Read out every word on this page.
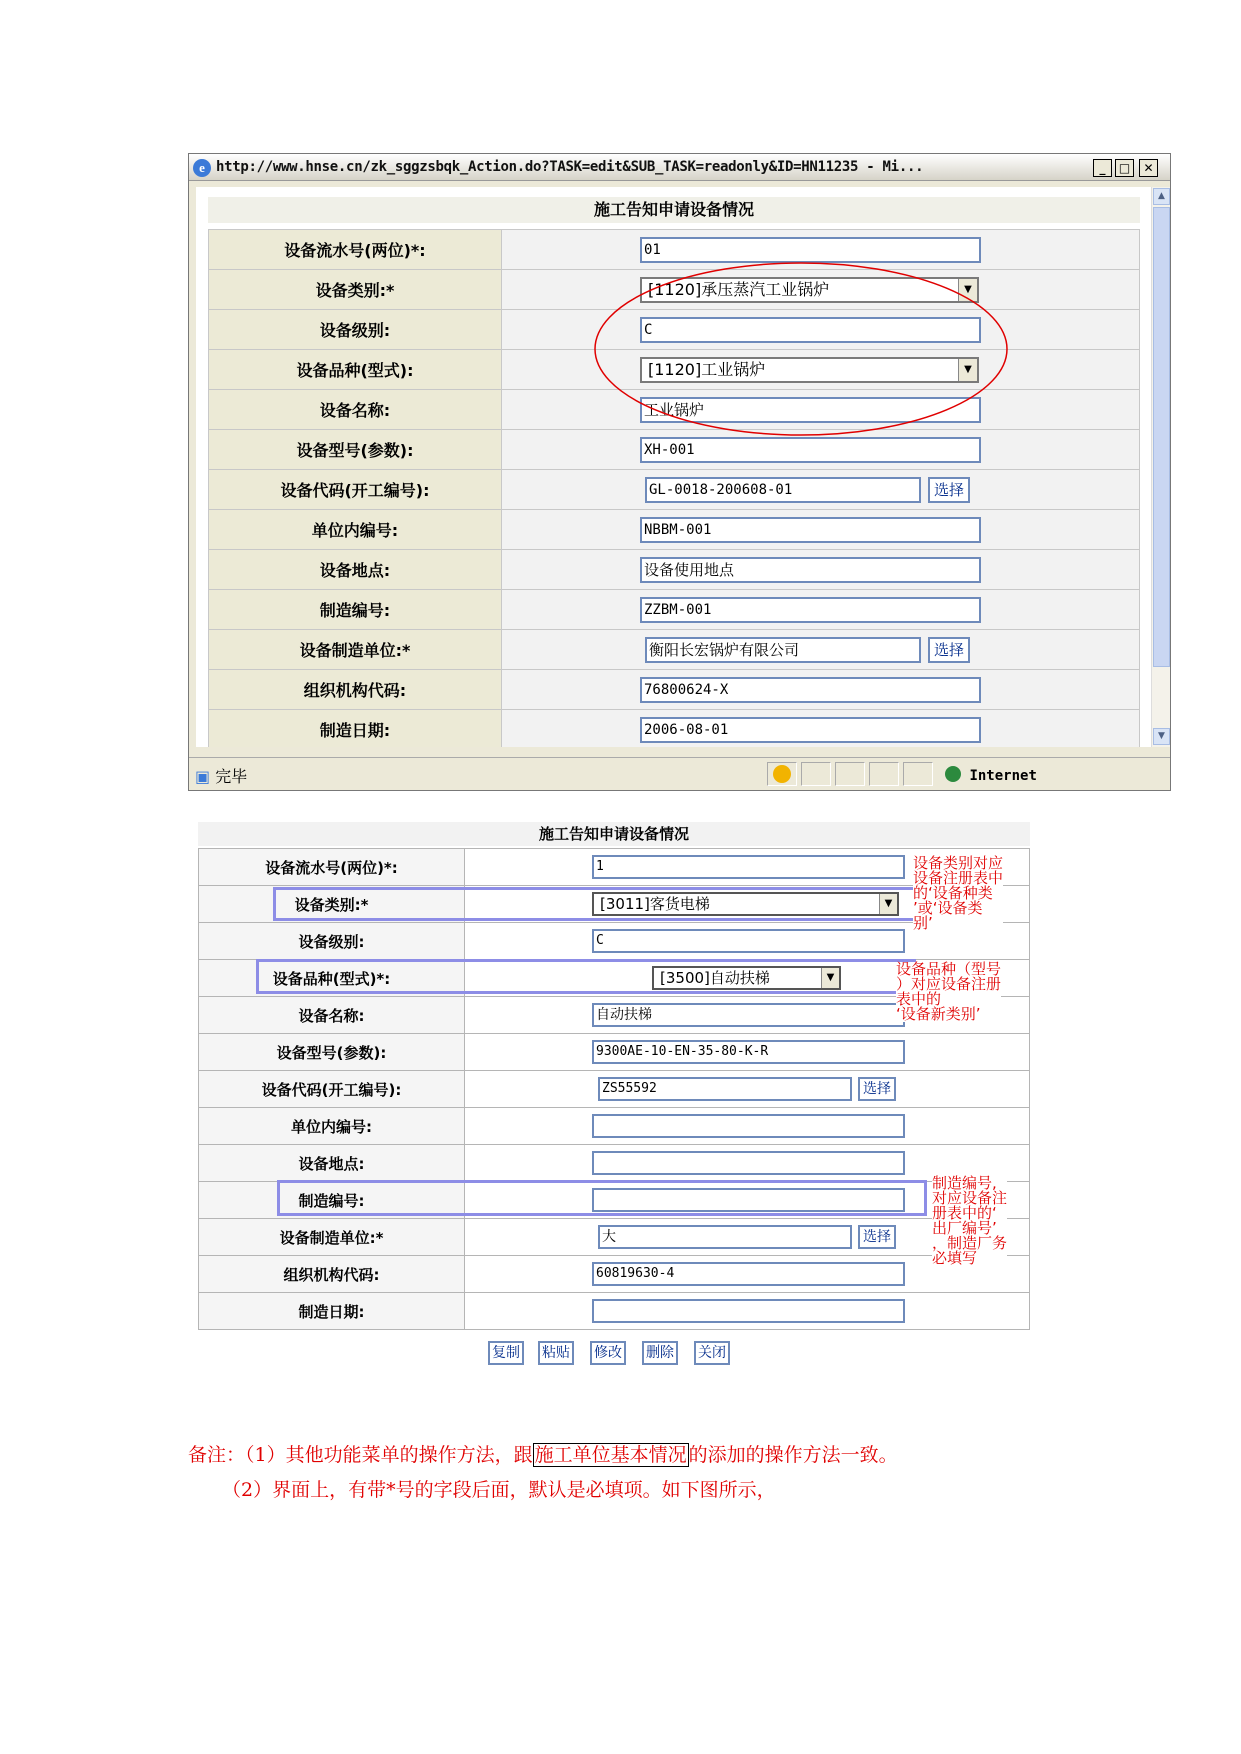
e http://www.hnse.cn/zk_sggzsbqk_Action.do?TASK=edit&SUB_TASK=readonly&ID=HN11235 - Mi...	_	□	✕
施工告知申请设备情况
设备流水号(两位)*:	01

设备类别:*	[1120]承压蒸汽工业锅炉 ▼

设备级别:	C

设备品种(型式):	[1120]工业锅炉 ▼

设备名称:	工业锅炉

设备型号(参数):	XH-001

设备代码(开工编号):	GL-0018-200608-01 选择

单位内编号:	NBBM-001

设备地点:	设备使用地点

制造编号:	ZZBM-001

设备制造单位:*	衡阳长宏锅炉有限公司 选择

组织机构代码:	76800624-X

制造日期:	2006-08-01
▲
▼
▣ 完毕	Internet
施工告知申请设备情况
设备流水号(两位)*:	1

设备类别:*	[3011]客货电梯 ▼

设备级别:	C

设备品种(型式)*:	[3500]自动扶梯 ▼

设备名称:	自动扶梯

设备型号(参数):	9300AE-10-EN-35-80-K-R

设备代码(开工编号):	ZS55592 选择

单位内编号:	

设备地点:	

制造编号:	

设备制造单位:*	大 选择

组织机构代码:	60819630-4

制造日期:	
设备类别对应
设备注册表中
的‘设备种类
’或‘设备类
别’
设备品种（型号
）对应设备注册
表中的
‘设备新类别’
制造编号,
对应设备注
册表中的‘
出厂编号’
，制造厂务
必填写
复制 粘贴 修改 删除 关闭
备注：（1）其他功能菜单的操作方法，跟 施工单位基本情况 的添加的操作方法一致。
（2）界面上，有带*号的字段后面，默认是必填项。如下图所示，
